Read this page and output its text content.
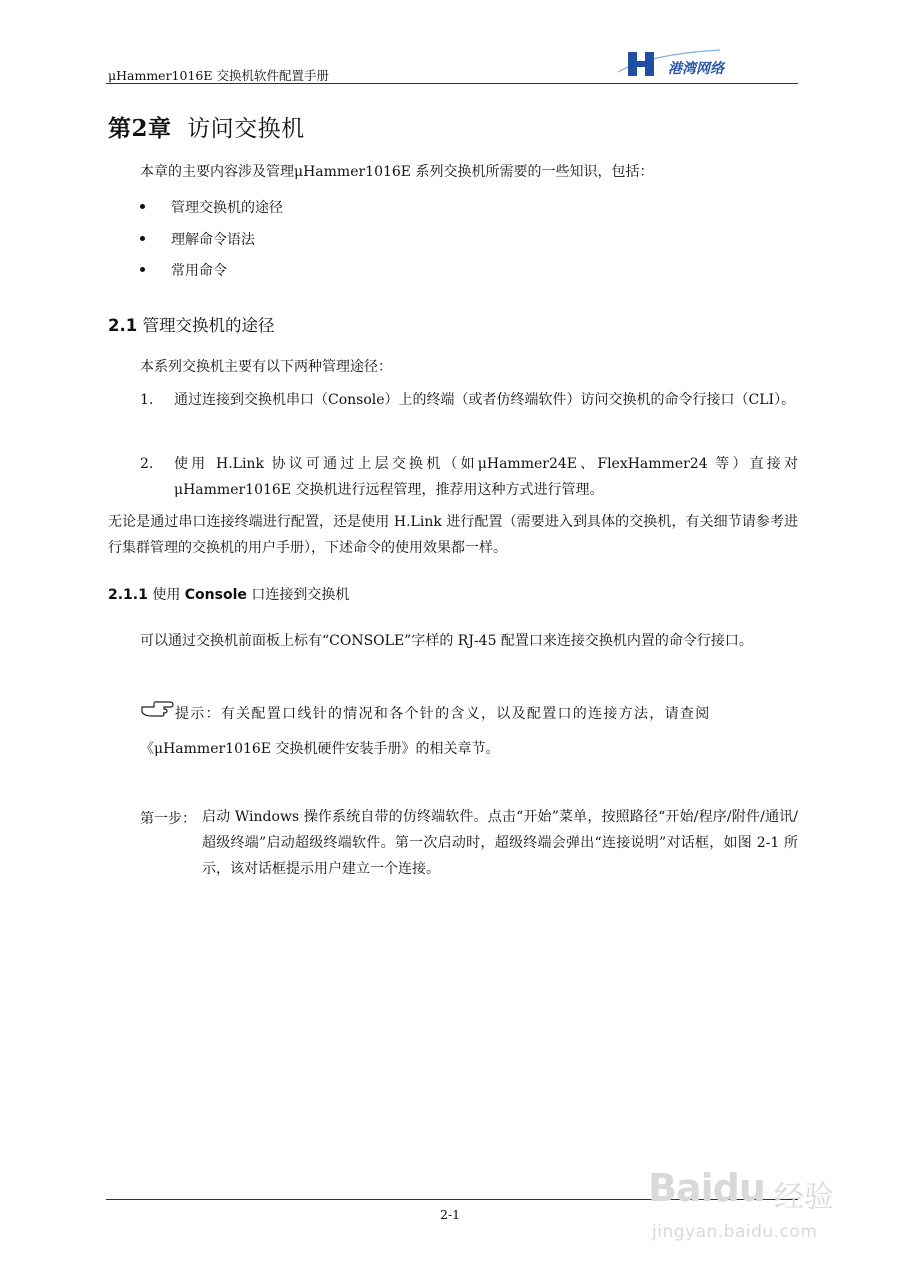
μHammer1016E 交换机软件配置手册	港湾网络
第2章 访问交换机
本章的主要内容涉及管理μHammer1016E 系列交换机所需要的一些知识，包括：
管理交换机的途径
理解命令语法
常用命令
2.1 管理交换机的途径
本系列交换机主要有以下两种管理途径：
1. 通过连接到交换机串口（Console）上的终端（或者仿终端软件）访问交换机的命令行接口（CLI）。
2. 使用 H.Link 协议可通过上层交换机（如μHammer24E、FlexHammer24 等）直接对μHammer1016E 交换机进行远程管理，推荐用这种方式进行管理。
无论是通过串口连接终端进行配置，还是使用 H.Link 进行配置（需要进入到具体的交换机，有关细节请参考进行集群管理的交换机的用户手册），下述命令的使用效果都一样。
2.1.1 使用 Console 口连接到交换机
可以通过交换机前面板上标有“CONSOLE”字样的 RJ-45 配置口来连接交换机内置的命令行接口。
提示：有关配置口线针的情况和各个针的含义，以及配置口的连接方法，请查阅
《μHammer1016E 交换机硬件安装手册》的相关章节。
第一步： 启动 Windows 操作系统自带的仿终端软件。点击“开始”菜单，按照路径“开始/程序/附件/通讯/超级终端”启动超级终端软件。第一次启动时，超级终端会弹出“连接说明”对话框，如图 2-1 所示，该对话框提示用户建立一个连接。
2-1
Baidu 经验
jingyan.baidu.com
